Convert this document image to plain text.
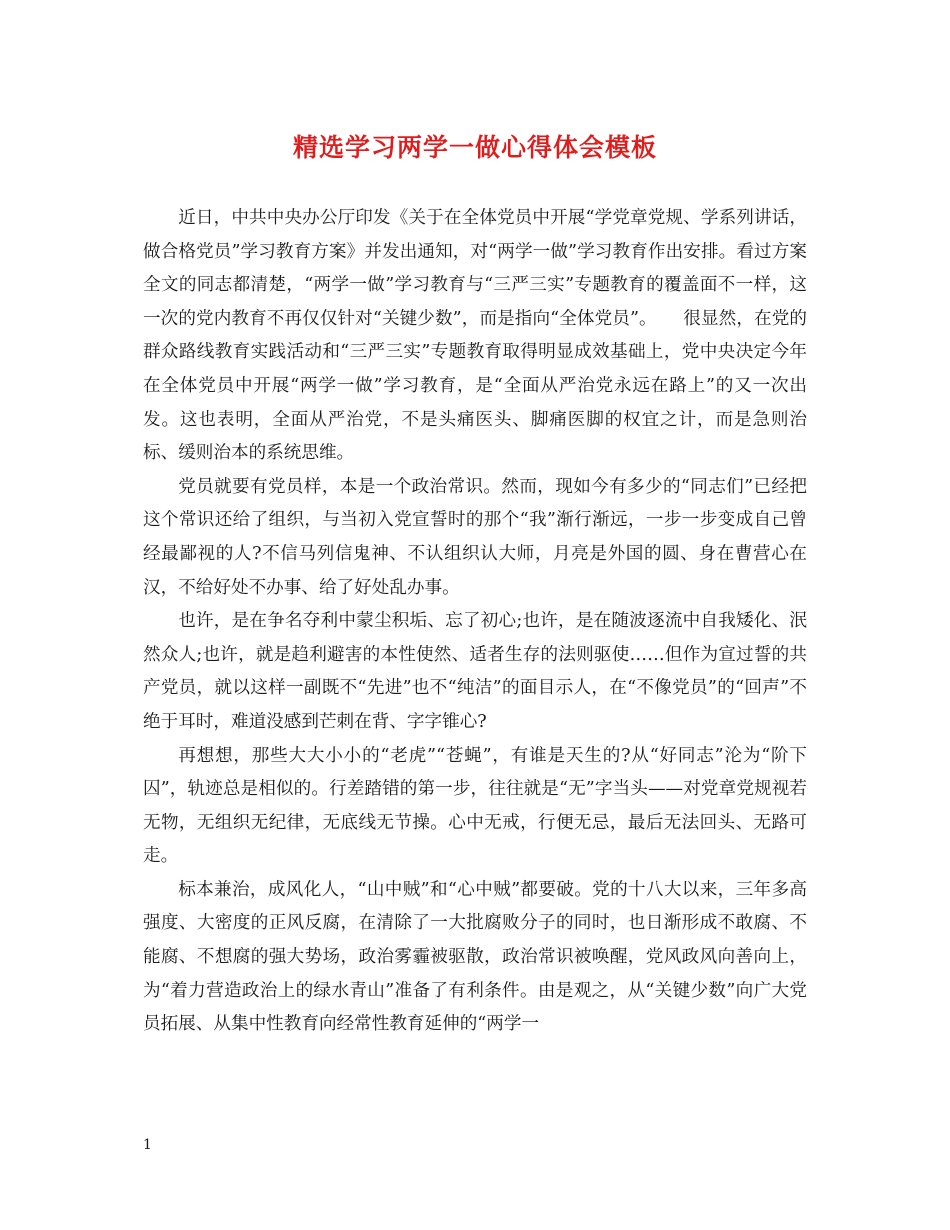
精选学习两学一做心得体会模板

近日，中共中央办公厅印发《关于在全体党员中开展“学党章党规、学系列讲话，做合格党员”学习教育方案》并发出通知，对“两学一做”学习教育作出安排。看过方案全文的同志都清楚，“两学一做”学习教育与“三严三实”专题教育的覆盖面不一样，这一次的党内教育不再仅仅针对“关键少数”，而是指向“全体党员”。　　很显然，在党的群众路线教育实践活动和“三严三实”专题教育取得明显成效基础上，党中央决定今年在全体党员中开展“两学一做”学习教育，是“全面从严治党永远在路上”的又一次出发。这也表明，全面从严治党，不是头痛医头、脚痛医脚的权宜之计，而是急则治标、缓则治本的系统思维。

党员就要有党员样，本是一个政治常识。然而，现如今有多少的“同志们”已经把这个常识还给了组织，与当初入党宣誓时的那个“我”渐行渐远，一步一步变成自己曾经最鄙视的人?不信马列信鬼神、不认组织认大师，月亮是外国的圆、身在曹营心在汉，不给好处不办事、给了好处乱办事。

也许，是在争名夺利中蒙尘积垢、忘了初心;也许，是在随波逐流中自我矮化、泯然众人;也许，就是趋利避害的本性使然、适者生存的法则驱使……但作为宣过誓的共产党员，就以这样一副既不“先进”也不“纯洁”的面目示人，在“不像党员”的“回声”不绝于耳时，难道没感到芒刺在背、字字锥心?

再想想，那些大大小小的“老虎”“苍蝇”，有谁是天生的?从“好同志”沦为“阶下囚”，轨迹总是相似的。行差踏错的第一步，往往就是“无”字当头——对党章党规视若无物，无组织无纪律，无底线无节操。心中无戒，行便无忌，最后无法回头、无路可走。

标本兼治，成风化人，“山中贼”和“心中贼”都要破。党的十八大以来，三年多高强度、大密度的正风反腐，在清除了一大批腐败分子的同时，也日渐形成不敢腐、不能腐、不想腐的强大势场，政治雾霾被驱散，政治常识被唤醒，党风政风向善向上，为“着力营造政治上的绿水青山”准备了有利条件。由是观之，从“关键少数”向广大党员拓展、从集中性教育向经常性教育延伸的“两学一

1
